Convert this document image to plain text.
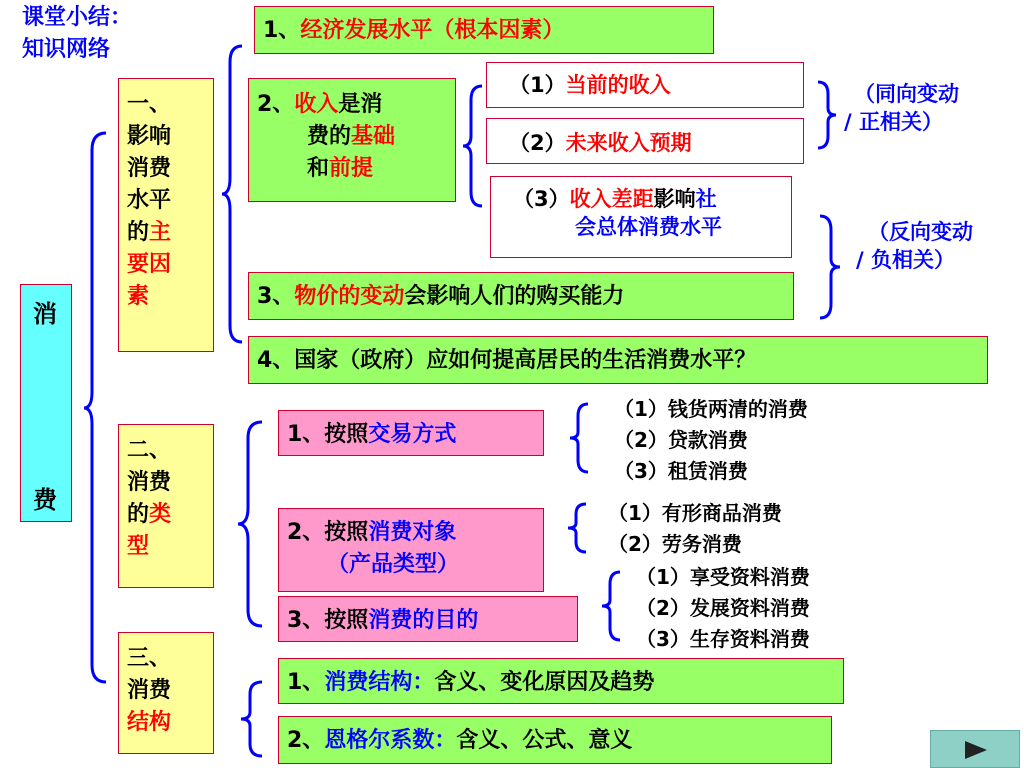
课堂小结：
知识网络
消
费
一、
影响
消费
水平
的主
要因
素
1、经济发展水平（根本因素）
2、收入是消
费的基础
和前提
（1）当前的收入
（2）未来收入预期
（3）收入差距影响社
会总体消费水平
（同向变动
/ 正相关）
（反向变动
/ 负相关）
3、物价的变动会影响人们的购买能力
4、国家（政府）应如何提高居民的生活消费水平？
二、
消费
的类
型
1、按照交易方式
（1）钱货两清的消费
（2）贷款消费
（3）租赁消费
2、按照消费对象
（产品类型）
（1）有形商品消费
（2）劳务消费
3、按照消费的目的
（1）享受资料消费
（2）发展资料消费
（3）生存资料消费
三、
消费
结构
1、消费结构：含义、变化原因及趋势
2、恩格尔系数：含义、公式、意义
